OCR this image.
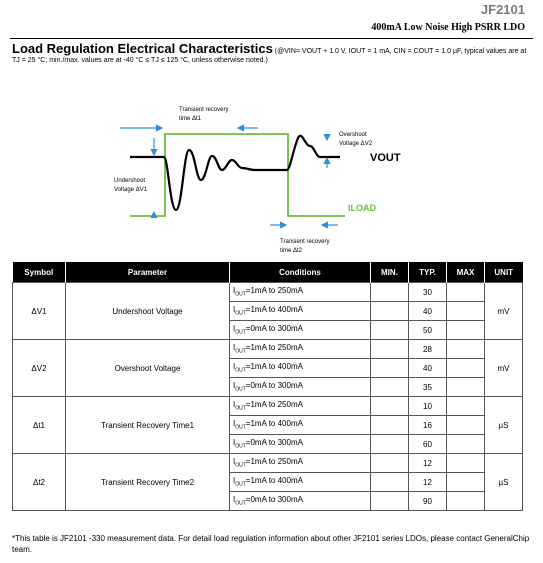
JF2101
400mA Low Noise High PSRR LDO
Load Regulation Electrical Characteristics (@VIN= VOUT + 1.0 V, IOUT = 1 mA, CIN = COUT = 1.0 µF, typical values are at TJ = 25 °C; min./max. values are at -40 °C ≤ TJ ≤ 125 °C, unless otherwise noted.)
Transient recovery
time Δt1
Overshoot
Voltage ΔV2
VOUT
Undershoot
Voltage ΔV1
ILOAD
Transient recovery
time Δt2
Symbol	Parameter	Conditions	MIN.	TYP.	MAX	UNIT
ΔV1	Undershoot Voltage	$I_{OUT}=1mA$ to 250mA		30		mV
		$I_{OUT}=1mA$ to 400mA		40		
		$I_{OUT}=0mA$ to 300mA		50		
ΔV2	Overshoot Voltage	$I_{OUT}=1mA$ to 250mA		28		mV
		$I_{OUT}=1mA$ to 400mA		40		
		$I_{OUT}=0mA$ to 300mA		35		
Δt1	Transient Recovery Time1	$I_{OUT}=1mA$ to 250mA		10		µS
		$I_{OUT}=1mA$ to 400mA		16		
		$I_{OUT}=0mA$ to 300mA		60		
Δt2	Transient Recovery Time2	$I_{OUT}=1mA$ to 250mA		12		µS
		$I_{OUT}=1mA$ to 400mA		12		
		$I_{OUT}=0mA$ to 300mA		90		
*This table is JF2101 -330 measurement data. For detail load regulation information about other JF2101 series LDOs, please contact GeneralChip team.
